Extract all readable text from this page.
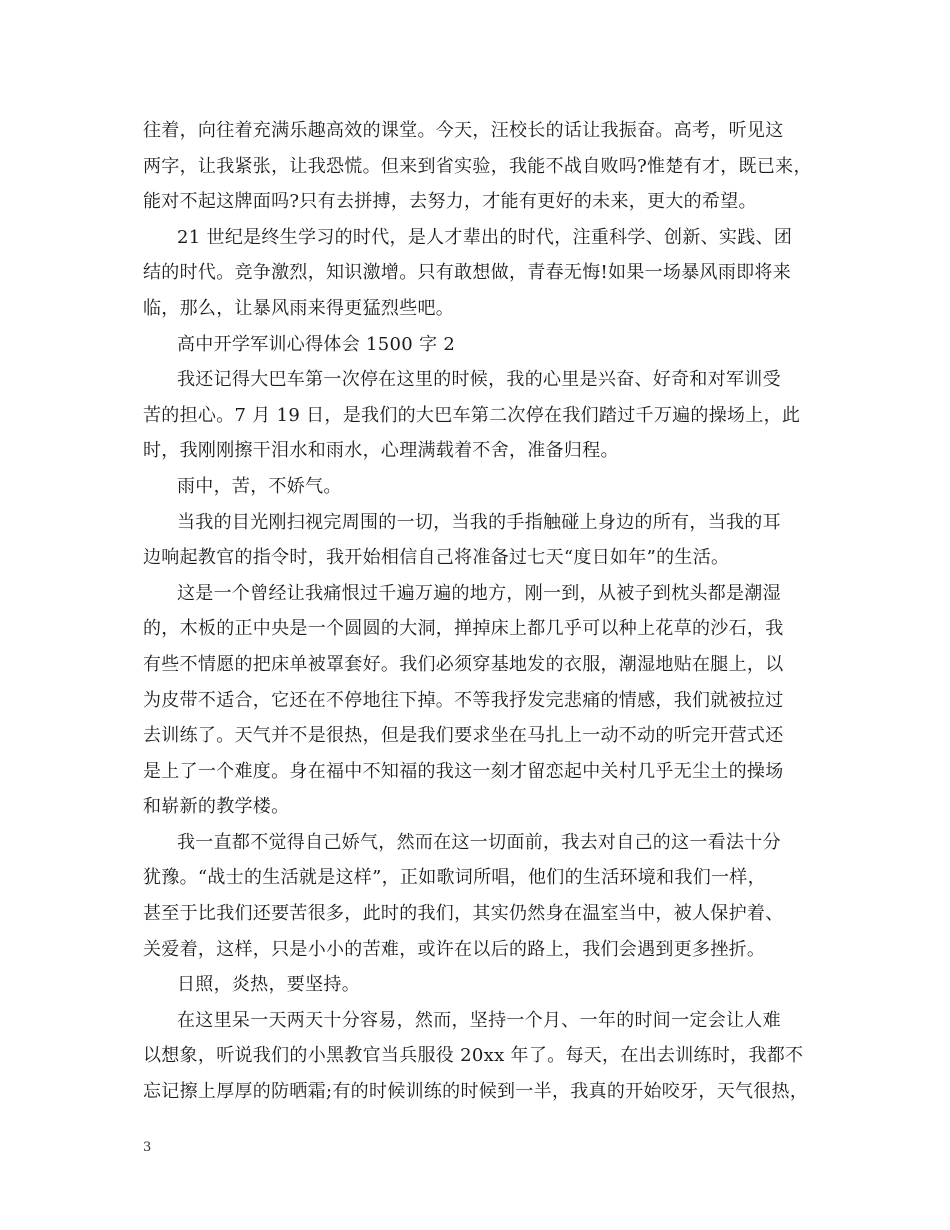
往着，向往着充满乐趣高效的课堂。今天，汪校长的话让我振奋。高考，听见这
两字，让我紧张，让我恐慌。但来到省实验，我能不战自败吗?惟楚有才，既已来，
能对不起这牌面吗?只有去拼搏，去努力，才能有更好的未来，更大的希望。
21 世纪是终生学习的时代，是人才辈出的时代，注重科学、创新、实践、团
结的时代。竞争激烈，知识激增。只有敢想做，青春无悔!如果一场暴风雨即将来
临，那么，让暴风雨来得更猛烈些吧。
高中开学军训心得体会 1500 字 2
我还记得大巴车第一次停在这里的时候，我的心里是兴奋、好奇和对军训受
苦的担心。7 月 19 日，是我们的大巴车第二次停在我们踏过千万遍的操场上，此
时，我刚刚擦干泪水和雨水，心理满载着不舍，准备归程。
雨中，苦，不娇气。
当我的目光刚扫视完周围的一切，当我的手指触碰上身边的所有，当我的耳
边响起教官的指令时，我开始相信自己将准备过七天“度日如年”的生活。
这是一个曾经让我痛恨过千遍万遍的地方，刚一到，从被子到枕头都是潮湿
的，木板的正中央是一个圆圆的大洞，掸掉床上都几乎可以种上花草的沙石，我
有些不情愿的把床单被罩套好。我们必须穿基地发的衣服，潮湿地贴在腿上，以
为皮带不适合，它还在不停地往下掉。不等我抒发完悲痛的情感，我们就被拉过
去训练了。天气并不是很热，但是我们要求坐在马扎上一动不动的听完开营式还
是上了一个难度。身在福中不知福的我这一刻才留恋起中关村几乎无尘土的操场
和崭新的教学楼。
我一直都不觉得自己娇气，然而在这一切面前，我去对自己的这一看法十分
犹豫。“战士的生活就是这样”，正如歌词所唱，他们的生活环境和我们一样，
甚至于比我们还要苦很多，此时的我们，其实仍然身在温室当中，被人保护着、
关爱着，这样，只是小小的苦难，或许在以后的路上，我们会遇到更多挫折。
日照，炎热，要坚持。
在这里呆一天两天十分容易，然而，坚持一个月、一年的时间一定会让人难
以想象，听说我们的小黑教官当兵服役 20xx 年了。每天，在出去训练时，我都不
忘记擦上厚厚的防晒霜;有的时候训练的时候到一半，我真的开始咬牙，天气很热，
3
